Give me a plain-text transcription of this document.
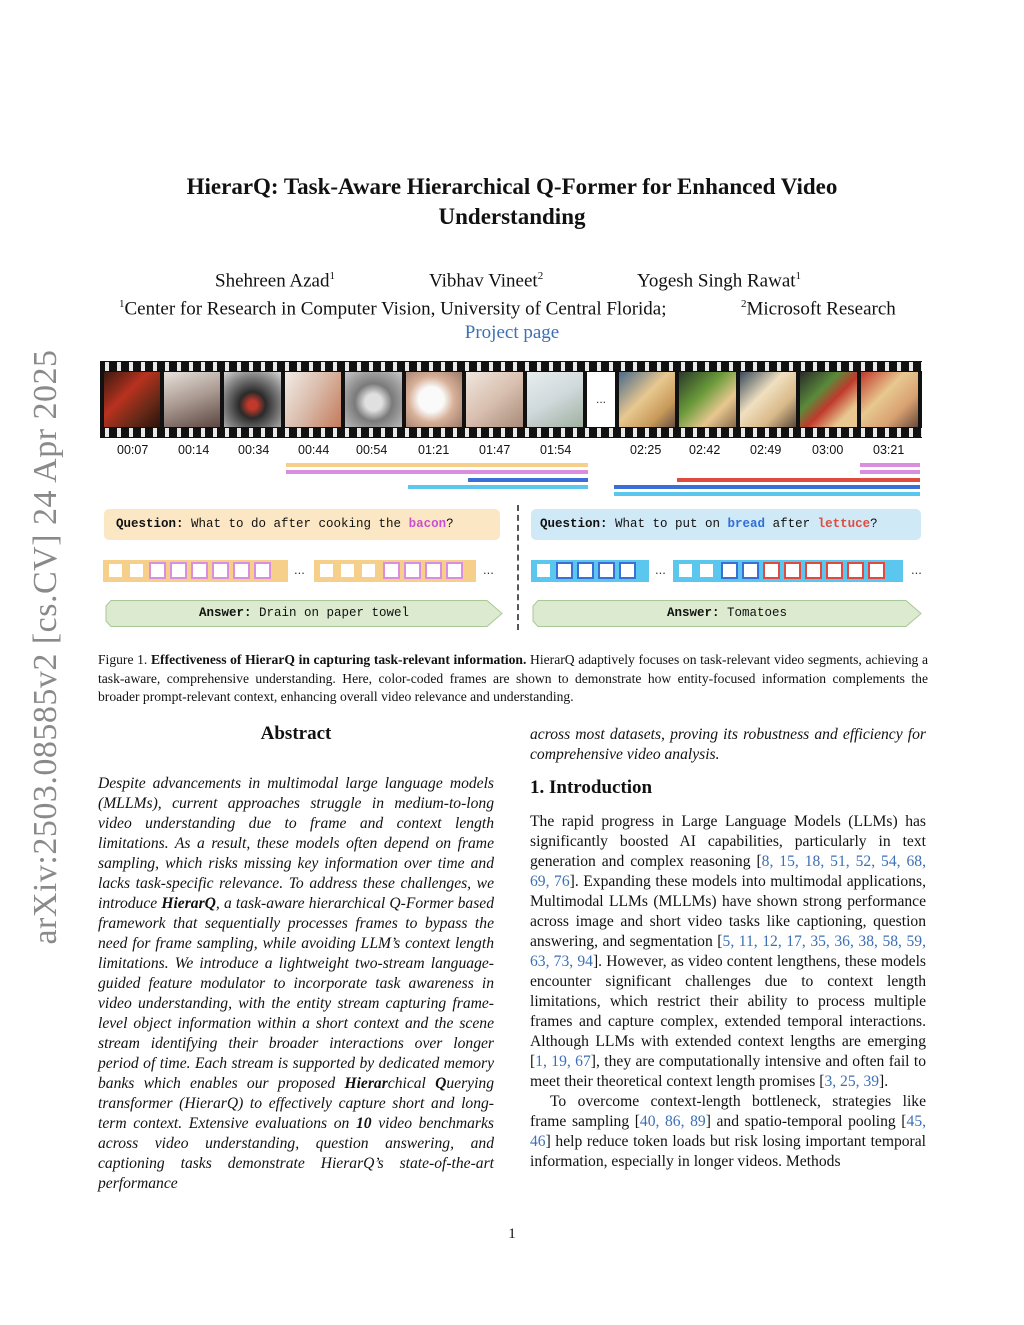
arXiv:2503.08585v2 [cs.CV] 24 Apr 2025
HierarQ: Task-Aware Hierarchical Q-Former for Enhanced Video
Understanding
Shehreen Azad$^1$	Vibhav Vineet$^2$	Yogesh Singh Rawat$^1$
$^1$Center for Research in Computer Vision, University of Central Florida;	$^2$Microsoft Research
Project page
...
00:07 00:14 00:34 00:44 00:54 01:21 01:47 01:54	02:25 02:42 02:49 03:00 03:21
Question: What to do after cooking the bacon?	Question: What to put on bread after lettuce?
...	...	...	...
Answer: Drain on paper towel	Answer: Tomatoes
Figure 1. Effectiveness of HierarQ in capturing task-relevant information. HierarQ adaptively focuses on task-relevant video segments, achieving a task-aware, comprehensive understanding. Here, color-coded frames are shown to demonstrate how entity-focused information complements the broader prompt-relevant context, enhancing overall video relevance and understanding.
Abstract
Despite advancements in multimodal large language models (MLLMs), current approaches struggle in medium-to-long video understanding due to frame and context length limitations. As a result, these models often depend on frame sampling, which risks missing key information over time and lacks task-specific relevance. To address these challenges, we introduce HierarQ, a task-aware hierarchical Q-Former based framework that sequentially processes frames to bypass the need for frame sampling, while avoiding LLM’s context length limitations. We introduce a lightweight two-stream language-guided feature modulator to incorporate task awareness in video understanding, with the entity stream capturing frame-level object information within a short context and the scene stream identifying their broader interactions over longer period of time. Each stream is supported by dedicated memory banks which enables our proposed Hierarchical Querying transformer (HierarQ) to effectively capture short and long-term context. Extensive evaluations on 10 video benchmarks across video understanding, question answering, and captioning tasks demonstrate HierarQ’s state-of-the-art performance
1. Introduction
The rapid progress in Large Language Models (LLMs) has significantly boosted AI capabilities, particularly in text generation and complex reasoning [8, 15, 18, 51, 52, 54, 68, 69, 76]. Expanding these models into multimodal applications, Multimodal LLMs (MLLMs) have shown strong performance across image and short video tasks like captioning, question answering, and segmentation [5, 11, 12, 17, 35, 36, 38, 58, 59, 63, 73, 94]. However, as video content lengthens, these models encounter significant challenges due to context length limitations, which restrict their ability to process multiple frames and capture complex, extended temporal interactions. Although LLMs with extended context lengths are emerging [1, 19, 67], they are computationally intensive and often fail to meet their theoretical context length promises [3, 25, 39].
To overcome context-length bottleneck, strategies like frame sampling [40, 86, 89] and spatio-temporal pooling [45, 46] help reduce token loads but risk losing important temporal information, especially in longer videos. Methods
1
across most datasets, proving its robustness and efficiency for comprehensive video analysis.
